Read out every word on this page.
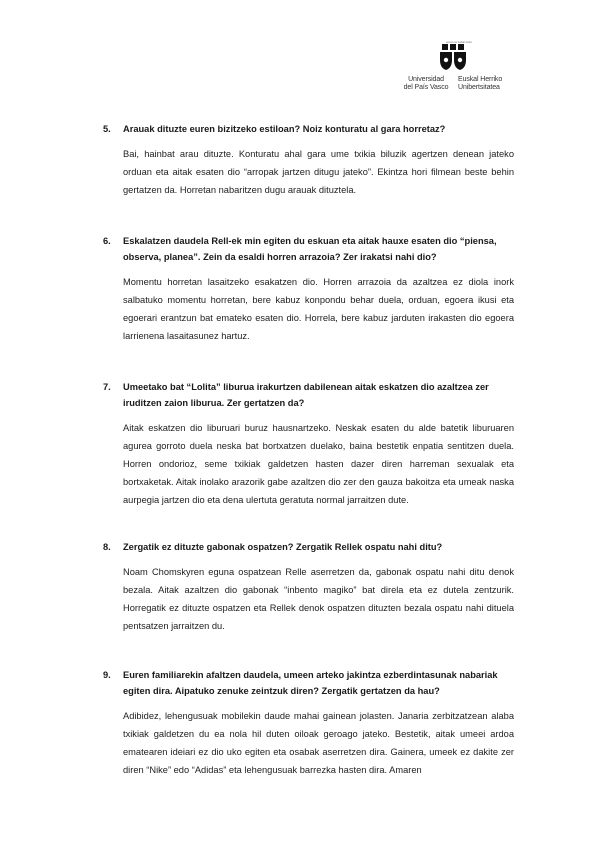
eman ta zabal zazu
Universidad
del País Vasco
Euskal Herriko
Unibertsitatea
5.	Arauak dituzte euren bizitzeko estiloan? Noiz konturatu al gara horretaz?
Bai, hainbat arau dituzte. Konturatu ahal gara ume txikia biluzik agertzen denean jateko orduan eta aitak esaten dio “arropak jartzen ditugu jateko”. Ekintza hori filmean beste behin gertatzen da. Horretan nabaritzen dugu arauak dituztela.
6.	Eskalatzen daudela Rell-ek min egiten du eskuan eta aitak hauxe esaten dio “piensa, observa, planea”. Zein da esaldi horren arrazoia? Zer irakatsi nahi dio?
Momentu horretan lasaitzeko esakatzen dio. Horren arrazoia da azaltzea ez diola inork salbatuko momentu horretan, bere kabuz konpondu behar duela, orduan, egoera ikusi eta egoerari erantzun bat emateko esaten dio. Horrela, bere kabuz jarduten irakasten dio egoera larrienena lasaitasunez hartuz.
7.	Umeetako bat “Lolita” liburua irakurtzen dabilenean aitak eskatzen dio azaltzea zer iruditzen zaion liburua. Zer gertatzen da?
Aitak eskatzen dio liburuari buruz hausnartzeko. Neskak esaten du alde batetik liburuaren agurea gorroto duela neska bat bortxatzen duelako, baina bestetik enpatia sentitzen duela. Horren ondorioz, seme txikiak galdetzen hasten dazer diren harreman sexualak eta bortxaketak. Aitak inolako arazorik gabe azaltzen dio zer den gauza bakoitza eta umeak naska aurpegia jartzen dio eta dena ulertuta geratuta normal jarraitzen dute.
8.	Zergatik ez dituzte gabonak ospatzen? Zergatik Rellek ospatu nahi ditu?
Noam Chomskyren eguna ospatzean Relle aserretzen da, gabonak ospatu nahi ditu denok bezala. Aitak azaltzen dio gabonak “inbento magiko” bat direla eta ez dutela zentzurik. Horregatik ez dituzte ospatzen eta Rellek denok ospatzen dituzten bezala ospatu nahi dituela pentsatzen jarraitzen du.
9.	Euren familiarekin afaltzen daudela, umeen arteko jakintza ezberdintasunak nabariak egiten dira. Aipatuko zenuke zeintzuk diren? Zergatik gertatzen da hau?
Adibidez, lehengusuak mobilekin daude mahai gainean jolasten. Janaria zerbitzatzean alaba txikiak galdetzen du ea nola hil duten oiloak geroago jateko. Bestetik, aitak umeei ardoa ematearen ideiari ez dio uko egiten eta osabak aserretzen dira. Gainera, umeek ez dakite zer diren “Nike” edo “Adidas” eta lehengusuak barrezka hasten dira. Amaren
